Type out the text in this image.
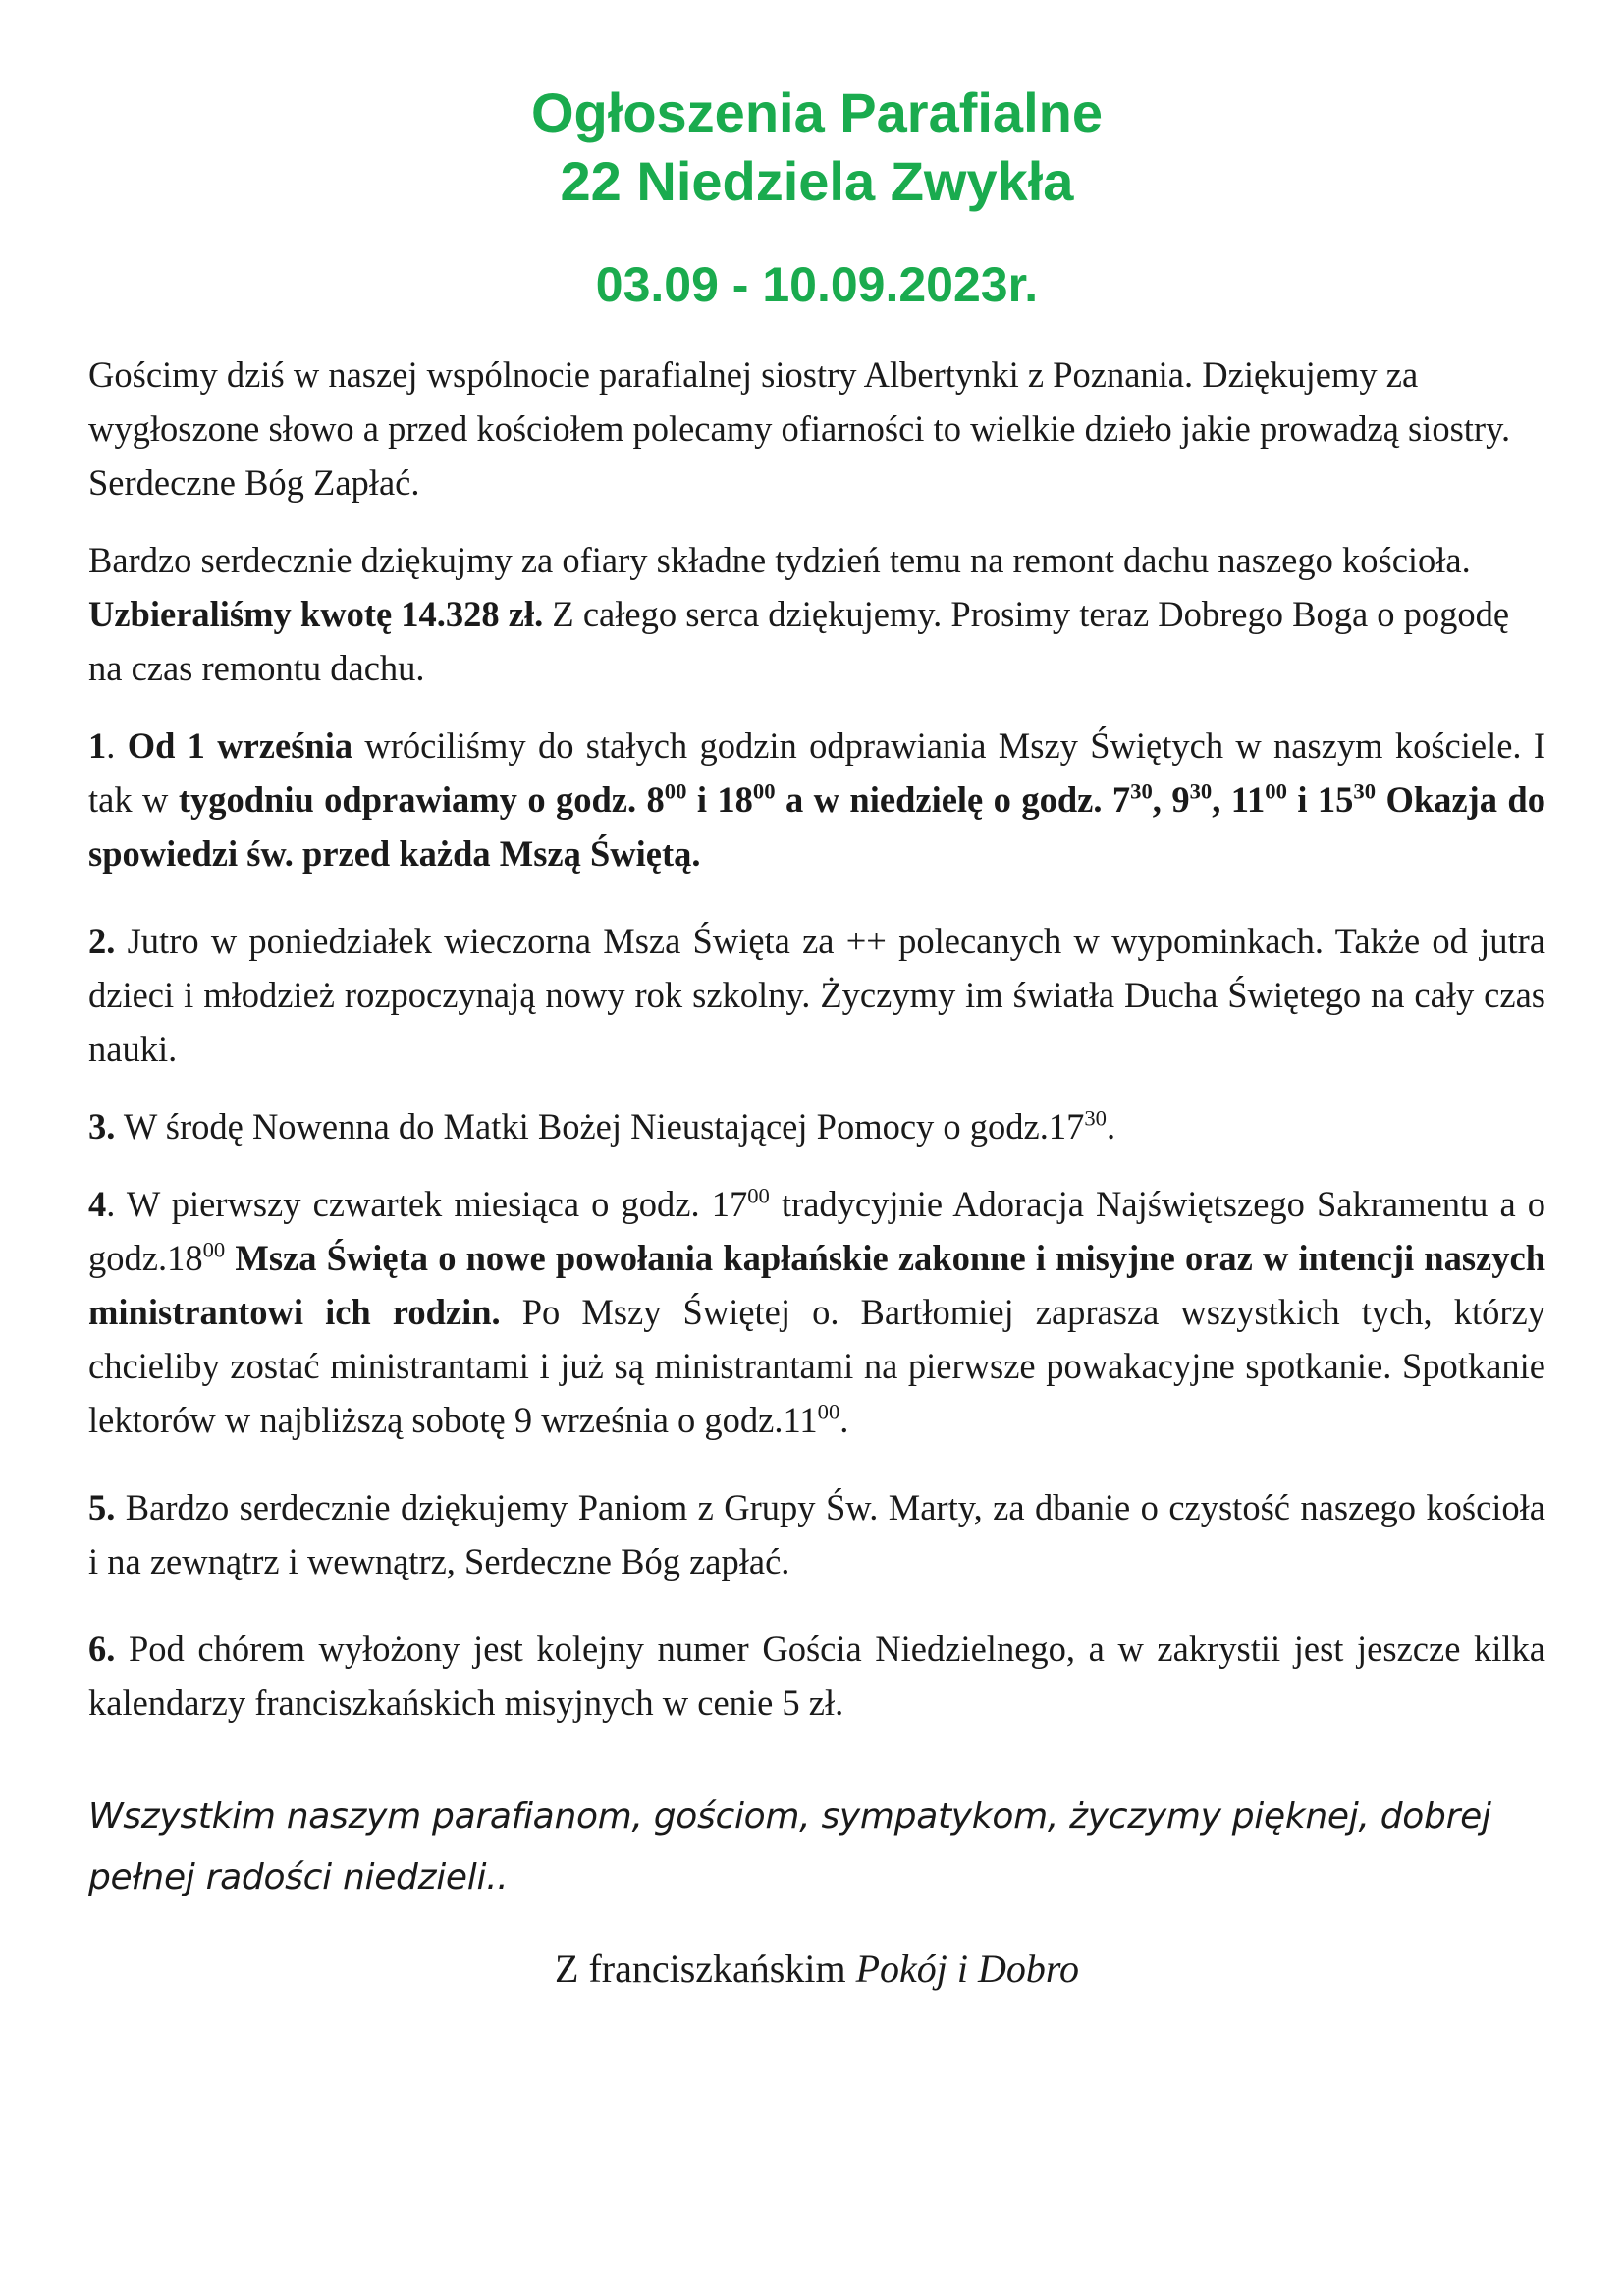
Ogłoszenia Parafialne
22 Niedziela Zwykła
03.09 - 10.09.2023r.

Gościmy dziś w naszej wspólnocie parafialnej siostry Albertynki z Poznania. Dziękujemy za wygłoszone słowo a przed kościołem polecamy ofiarności to wielkie dzieło jakie prowadzą siostry. Serdeczne Bóg Zapłać.

Bardzo serdecznie dziękujmy za ofiary składne tydzień temu na remont dachu naszego kościoła. Uzbieraliśmy kwotę 14.328 zł. Z całego serca dziękujemy. Prosimy teraz Dobrego Boga o pogodę na czas remontu dachu.

1. Od 1 września wróciliśmy do stałych godzin odprawiania Mszy Świętych w naszym kościele. I tak w tygodniu odprawiamy o godz. $8^{00}$ i $18^{00}$ a w niedzielę o godz. $7^{30}$, $9^{30}$, $11^{00}$ i $15^{30}$ Okazja do spowiedzi św. przed każda Mszą Świętą.

2. Jutro w poniedziałek wieczorna Msza Święta za ++ polecanych w wypominkach. Także od jutra dzieci i młodzież rozpoczynają nowy rok szkolny. Życzymy im światła Ducha Świętego na cały czas nauki.

3. W środę Nowenna do Matki Bożej Nieustającej Pomocy o $godz.17^{30}$.

4. W pierwszy czwartek miesiąca o godz. $17^{00}$ tradycyjnie Adoracja Najświętszego Sakramentu a o $godz.18^{00}$ Msza Święta o nowe powołania kapłańskie zakonne i misyjne oraz w intencji naszych ministrantowi ich rodzin. Po Mszy Świętej o. Bartłomiej zaprasza wszystkich tych, którzy chcieliby zostać ministrantami i już są ministrantami na pierwsze powakacyjne spotkanie. Spotkanie lektorów w najbliższą sobotę 9 września o $godz.11^{00}$.

5. Bardzo serdecznie dziękujemy Paniom z Grupy Św. Marty, za dbanie o czystość naszego kościoła i na zewnątrz i wewnątrz, Serdeczne Bóg zapłać.

6. Pod chórem wyłożony jest kolejny numer Gościa Niedzielnego, a w zakrystii jest jeszcze kilka kalendarzy franciszkańskich misyjnych w cenie 5 zł.

Wszystkim naszym parafianom, gościom, sympatykom, życzymy pięknej, dobrej pełnej radości niedzieli..

Z franciszkańskim Pokój i Dobro
